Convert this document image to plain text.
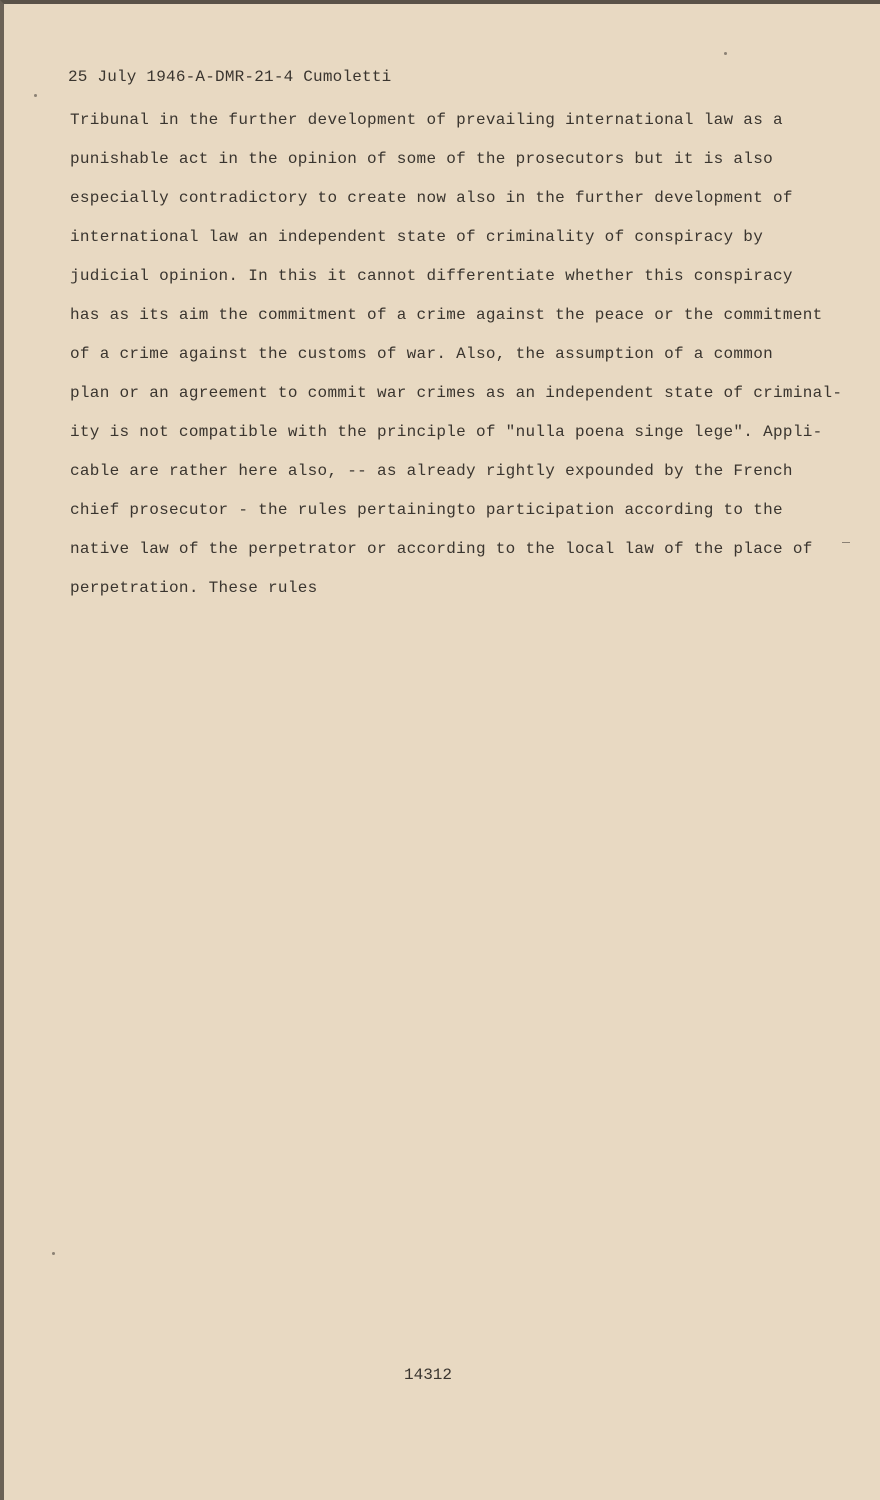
25 July 1946-A-DMR-21-4 Cumoletti
Tribunal in the further development of prevailing international law as a
punishable act in the opinion of some of the prosecutors but it is also
especially contradictory to create now also in the further development of
international law an independent state of criminality of conspiracy by
judicial opinion. In this it cannot differentiate whether this conspiracy
has as its aim the commitment of a crime against the peace or the commitment
of a crime against the customs of war. Also, the assumption of a common
plan or an agreement to commit war crimes as an independent state of criminal-
ity is not compatible with the principle of "nulla poena singe lege". Appli-
cable are rather here also, -- as already rightly expounded by the French
chief prosecutor - the rules pertainingto participation according to the
native law of the perpetrator or according to the local law of the place of
perpetration. These rules
14312
